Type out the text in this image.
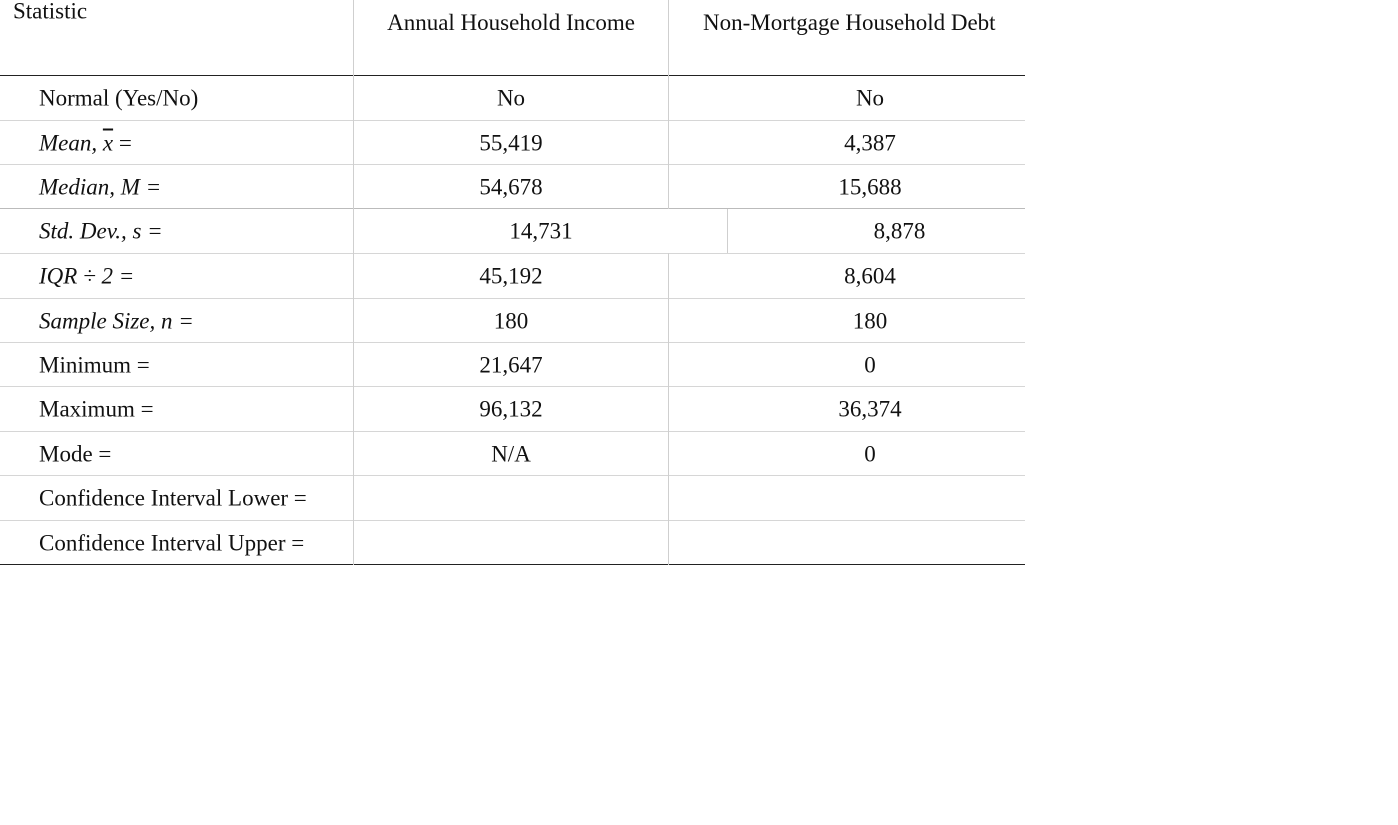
Statistic	Annual Household Income	Non-Mortgage Household Debt
Normal (Yes/No)	No	No
Mean, $\overline{x}$ =	55,419	4,387
Median, M =	54,678	15,688
Std. Dev., s =	14,731	8,878
IQR ÷ 2 =	45,192	8,604
Sample Size, n =	180	180
Minimum =	21,647	0
Maximum =	96,132	36,374
Mode =	N/A	0
Confidence Interval Lower =
Confidence Interval Upper =
